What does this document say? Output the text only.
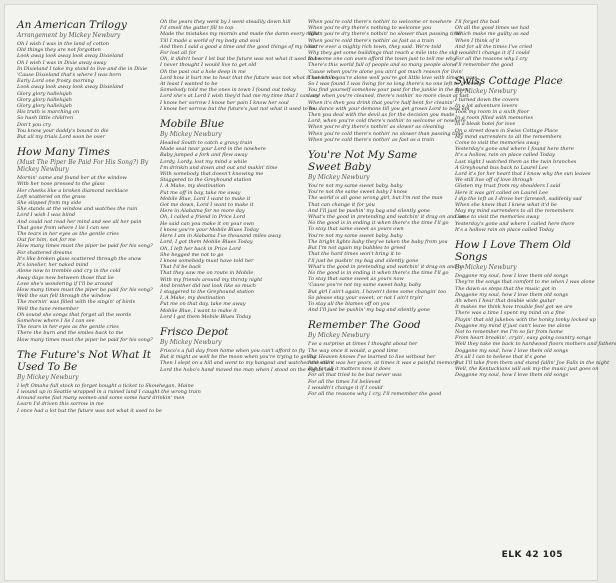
An American Trilogy
Arrangement by Mickey Newbury
Oh I wish I was in the land of cotton
Old things they are not forgotten
Look away look away look away Dixieland
Oh I wish I was in Dixie away away
In Dixieland I take my stand to live and die in Dixie
'Cause Dixieland that's where I was born
Early Lord one frosty morning
Look away look away look away Dixieland
Glory glory hallelujah
Glory glory hallelujah
Glory glory hallelujah
His truth is marching on
So hush little children
Don't you cry
You know your daddy's bound to die
But all my trials Lord soon be over
How Many Times
(Must The Piper Be Paid For His Song?) By Mickey Newbury
Mornin' came and found her at the window
With her nose pressed to the glass
Her cheeks like a broken diamond necklace
Left scattered on the grass
She slipped from my side
She stands at the window and watches the rain
Lord I wish I was blind
And could not read her mind and see all her pain
That gone from where I lie I can see
The tears in her eyes as the gentle cries
Out for him, not for me
How many times must the piper be paid for his song?
For shattered dreams
It's like broken glass scattered through the snow
It's lonelier, her naked mind
Alone now to tremble and cry in the cold
Away days now between those that lie
Love she's wondering if I'll be around
How many times must the piper be paid for his song?
Well the sun fell through the window
The mornin' was filled with the singin' of birds
Well the tune remember
Oh sound she songs that forget all the words
Somehow where I lie I can see
The tears in her eyes as the gentle cries
There the burn and the smiles back to me
How many times must the piper be paid for his song?
The Future's Not What It Used To Be
By Mickey Newbury
I left Omaha full stock to forget bought a ticket to Skowhegan, Maine
I wound up in Seattle wrapped in a ruined land I caught the wrong train
Around some fast many women and some some hard drinkin' men
Learn I'd driven this sorrow in me
I once had a lot but the future was not what it used to be
Oh the years they went by I went steadily down hill
I'd smell the gutter fill to top
Made the mistakes my mornin and made the damn every night
Till I made a world of my body and soul
And then I said a good a time and the good things of my heart
For lost all for
Oh, it didn't hear I let but the future was not what it used to be
I never thought I would live to get old
Oh the past out a hole deep in me
Lord how it hurt me to hear that the future was not what it used to be
At least I wanted to be
Somebody told me the ones in town I found out today
Lord she's at Lord I wish they'd had me my time that I can say
I know her sorrow I know her pain I know her soul
I know her sorrow but the future's just not what it used to be
Mobile Blue
By Mickey Newbury
Headed South to catch a gravy train
Made seat near your Lord in the nowhere
Baby jumped a fork and flew away
Lordy, Lordy, lost my mind a while
I'm drinkin and down and out and makin' time
With somebody that doesn't knowing me
Staggered to the Greyhound station
I, A Make, my destination
Put me off in bay, take me away
Mobile Blue, Lord I want to make it
Got me down, Lord I want to make it
Here in Alabama for no more day
Oh, I called a friend in Price Lord
He said can you make it on your own
I know you're your Mobile Blues Today
Here I am in Alabama I've thousand miles away
Lord, I got them Mobile Blues Today
Oh, I left her back in Price Lord
She begged me not to go
I know somebody must have told her
That I'd be back
That they saw me on route in Mobile
With my friends around my thirsty night
And brother did not look like so much
I staggered to the Greyhound station
I, A Make, my destination
Put me on that day, take me away
Mobile Blue, I want to make it
Lord I got them Mobile Blues Today
Frisco Depot
By Mickey Newbury
Frisco's a full day from home when you can't afford to fly
But it might as well be the moon when you're trying to get by
Then I slept on a hill and went to my hangout and watched the stars
Lord the hobo's hand moved me man when I stood on the nights lost
When you're cold there's nothin' to welcome or nowhere
When you're dry there's nothing to welcome you
When you're dry there's nothin' no slower than passing time
When you're cold there's nothin' as fast as a train
You're ever a mighty rich town, they said. We're told
Why they get some buildings that reach a mile into the sky
But some one can even afford the town just to tell me why
There's this world full of people and so many people alone
'Cause when you're alone you ain't got much reason for livin'
That while you're alone well you're got little love with time to pass
So I was found I was living for so long there's no one left to grieving
You find yourself somehow your past for the junkie in the dawn
Lord when you're cleaned, there's nothin' no more clean at last
When it's then you drink that you're half bent for cleanin'
You dance with your demons till you get grown Lord to beat em
Then you deal with the devil as for the decision you made
Lord, when you're cold there's nothin' to welcome or nowhere
When you're dry there's nothin' as slower as cleaning
When you're cold there's nothin' no slower than passing time
When you're cold there's nothin' as fast as a train
You're Not My Same Sweet Baby
By Mickey Newbury
You're not my same sweet baby, baby
You're not the same sweet baby I know
The world is all gone wrong girl, but I'm not the man
That can change it for you
And I'll just be pushin' my bag and silently gone
What's the good in pretending and watchin' it drag on and on
No the good is in ending it when there's the time I'll go
To stay that same sweet as yours own
You're not my same sweet baby, baby
The bright lights baby they've taken the baby from you
But I'm not again my bubbles to greed
That the hard times won't bring it to
I'll just be pushin' my bag and silently gone
What's the good in pretending and watchin' it drag on and on
No the good is in ending it when there's the time I'll go
To stay that same sweet as yours now
'Cause you're not my same sweet baby, baby
But girl I ain't again, I haven't done some changin' too
So please stay your sweet, or not I ain't tryin'
To stay all the blames off on you
And I'll just be pushin' my bag and silently gone
Remember The Good
By Mickey Newbury
I've a surprise at times I thought about her
The way once it would, a good time
But Heaven knows I've learned to live without her
And still it was her years, at times it was a painful memory
But for all it matters now it does
For all that tried to be but never was
For all the times I'd believed
I wouldn't change it if I could
For all the reasons why I cry, I'll remember the good
I'll forget the bad
Oh all the good times we had
Which make me guilty as sad
When I think of it
And for all the times I've cried
I wouldn't change it if I could
For all the reasons why I cry
I'll remember the good
Swiss Cottage Place
By Mickey Newbury
I turned down the covers
In a lot adventure lovers
Took my room in a sixth floor
In a room filled with memories
In a bleak hotel for love
On a street down in Swiss Cottage Place
My mind surrenders to all the remembers
Come to visit the memories away
Yesterday's gone and where I found here there
It's a hollow, rain on place called Today
Last night I watched them as the twin branches
A Greyhound bus back to Laurel Lee
Lord it's for her heart that I know why the sun leaves
We still live off of love through
Glisten my trust from my shoulders I said
Here it was girl called on Laurel Lee
I dip the left as I drove her farewell, suddenly sad
When she knew that I knew what it'd be
May my mind surrenders to all the remembers
Come to visit the memories away
Yesterday's gone and where I called here there
It's a hollow rain on place called Today
How I Love Them Old Songs
By Mickey Newbury
Doggone my soul, how I love them old songs
They're the songs that comfort to me when I was alone
The dawn as steps that the music got in
Doggone my soul, how I love them old songs
Ah when I hear that double wide guitar
It makes me think how trouble feel got we are
There was a time I spent my mind on a fine
Playin' that old jukebox with the honky tonky locked up
Doggone my mind if just can't leave me alone
Not to remember me I'm so far from home
From heart breakin', cryin', easy going country songs
Well they take me back to hardwood floors mothers and fathers
Doggone my soul, how I love them old songs
It's all I can to believe that it's gone
But I'll take from them and stand fallin' Joe Falls in the night
Well, the Kentuckians will ask my-the music just goes on
Doggone my soul, how I love them old songs
ELK 42 105
